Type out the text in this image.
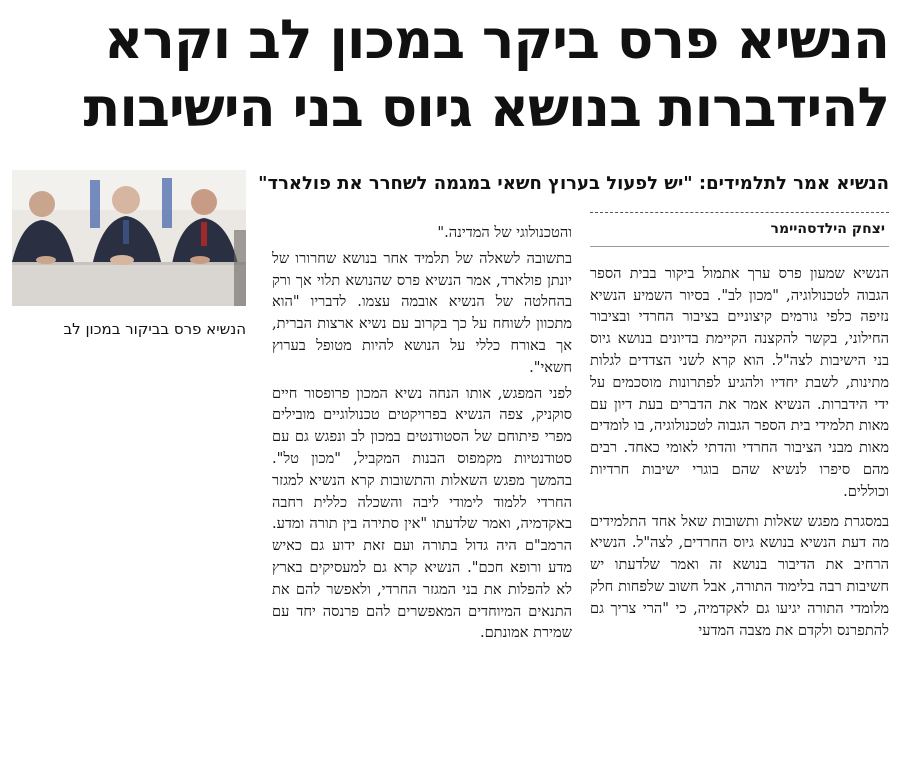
הנשיא פרס ביקר במכון לב וקרא
להידברות בנושא גיוס בני הישיבות
הנשיא אמר לתלמידים: "יש לפעול בערוץ חשאי במגמה לשחרר את פולארד"
יצחק הילדסהיימר

הנשיא שמעון פרס ערך אתמול ביקור בבית הספר הגבוה לטכנולוגיה, "מכון לב". בסיור השמיע הנשיא נזיפה כלפי גורמים קיצוניים בציבור החרדי ובציבור החילוני, בקשר להקצנה הקיימת בדיונים בנושא גיוס בני הישיבות לצה"ל. הוא קרא לשני הצדדים לגלות מתינות, לשבת יחדיו ולהגיע לפתרונות מוסכמים על ידי הידברות. הנשיא אמר את הדברים בעת דיון עם מאות תלמידי בית הספר הגבוה לטכנולוגיה, בו לומדים מאות מבני הציבור החרדי והדתי לאומי כאחד. רבים מהם סיפרו לנשיא שהם בוגרי ישיבות חרדיות וכוללים.

במסגרת מפגש שאלות ותשובות שאל אחד התלמידים מה דעת הנשיא בנושא גיוס החרדים, לצה"ל. הנשיא הרחיב את הדיבור בנושא זה ואמר שלדעתו יש חשיבות רבה בלימוד התורה, אבל חשוב שלפחות חלק מלומדי התורה יגיעו גם לאקדמיה, כי "הרי צריך גם להתפרנס ולקדם את מצבה המדעי

והטכנולוגי של המדינה."

בתשובה לשאלה של תלמיד אחר בנושא שחרורו של יונתן פולארד, אמר הנשיא פרס שהנושא תלוי אך ורק בהחלטה של הנשיא אובמה עצמו. לדבריו "הוא מתכוון לשוחח על כך בקרוב עם נשיא ארצות הברית, אך באורח כללי על הנושא להיות מטופל בערוץ חשאי".

לפני המפגש, אותו הנחה נשיא המכון פרופסור חיים סוקניק, צפה הנשיא בפרויקטים טכנולוגיים מובילים מפרי פיתוחם של הסטודנטים במכון לב ונפגש גם עם סטודנטיות מקמפוס הבנות המקביל, "מכון טל". בהמשך מפגש השאלות והתשובות קרא הנשיא למגזר החרדי ללמוד לימודי ליבה והשכלה כללית רחבה באקדמיה, ואמר שלדעתו "אין סתירה בין תורה ומדע. הרמב"ם היה גדול בתורה ועם זאת ידוע גם כאיש מדע ורופא חכם". הנשיא קרא גם למעסיקים בארץ לא להפלות את בני המגזר החרדי, ולאפשר להם את התנאים המיוחדים המאפשרים להם פרנסה יחד עם שמירת אמונתם.

הנשיא פרס בביקור במכון לב
